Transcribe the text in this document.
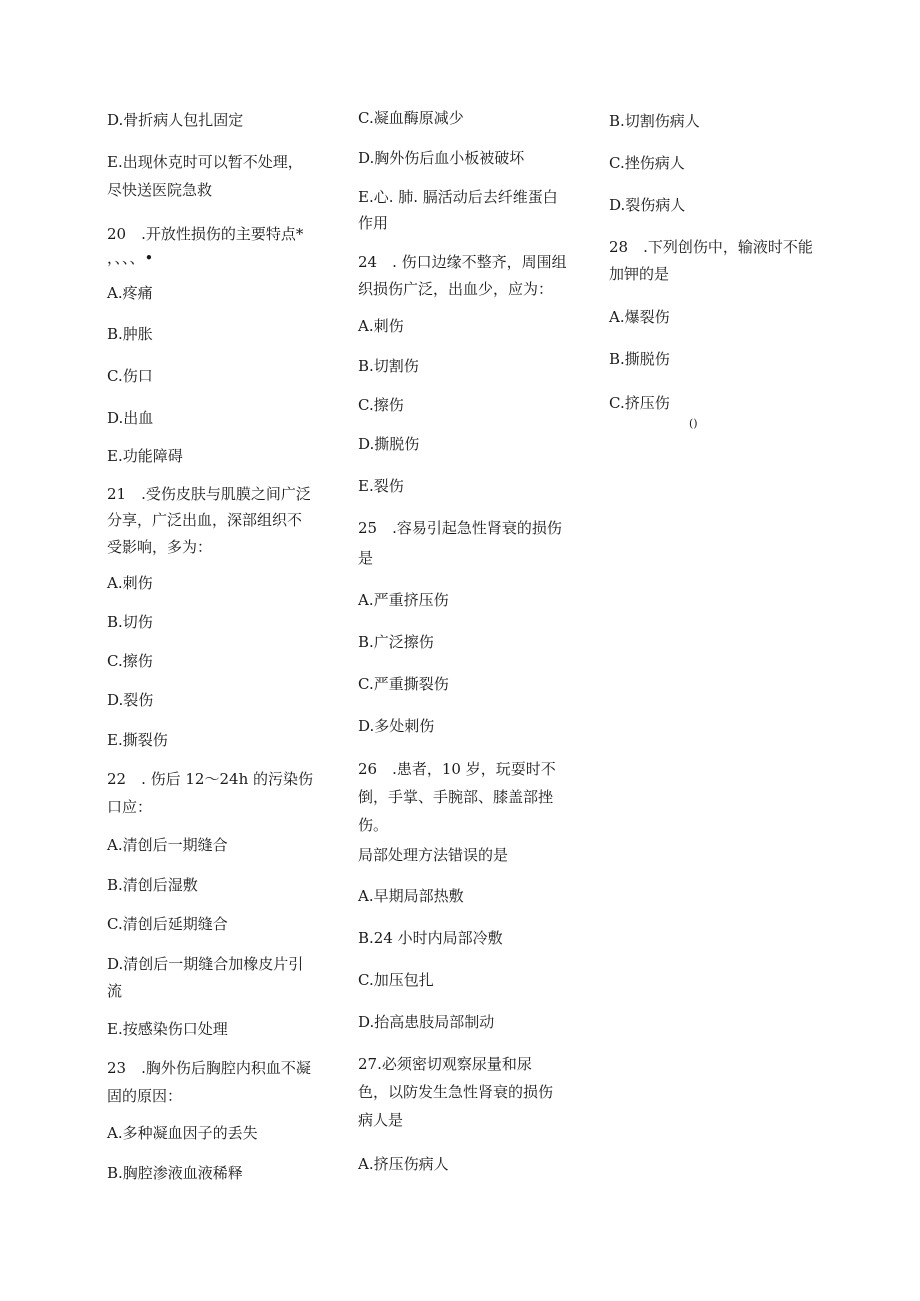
D.骨折病人包扎固定
E.出现休克时可以暂不处理，
尽快送医院急救
20　.开放性损伤的主要特点*
，、、、•
A.疼痛
B.肿胀
C.伤口
D.出血
E.功能障碍
21　.受伤皮肤与肌膜之间广泛
分享，广泛出血，深部组织不
受影响，多为：
A.刺伤
B.切伤
C.擦伤
D.裂伤
E.撕裂伤
22　. 伤后 12～24h 的污染伤
口应：
A.清创后一期缝合
B.清创后湿敷
C.清创后延期缝合
D.清创后一期缝合加橡皮片引
流
E.按感染伤口处理
23　.胸外伤后胸腔内积血不凝
固的原因：
A.多种凝血因子的丢失
B.胸腔渗液血液稀释
C.凝血酶原减少
D.胸外伤后血小板被破坏
E.心. 肺. 膈活动后去纤维蛋白
作用
24　. 伤口边缘不整齐，周围组
织损伤广泛，出血少，应为：
A.刺伤
B.切割伤
C.擦伤
D.撕脱伤
E.裂伤
25　.容易引起急性肾衰的损伤
是
A.严重挤压伤
B.广泛擦伤
C.严重撕裂伤
D.多处刺伤
26　.患者，10 岁，玩耍时不
倒，手掌、手腕部、膝盖部挫
伤。
局部处理方法错误的是
A.早期局部热敷
B.24 小时内局部冷敷
C.加压包扎
D.抬高患肢局部制动
27.必须密切观察尿量和尿
色，以防发生急性肾衰的损伤
病人是
A.挤压伤病人
B.切割伤病人
C.挫伤病人
D.裂伤病人
28　.下列创伤中，输液时不能
加钾的是
A.爆裂伤
B.撕脱伤
C.挤压伤
()
